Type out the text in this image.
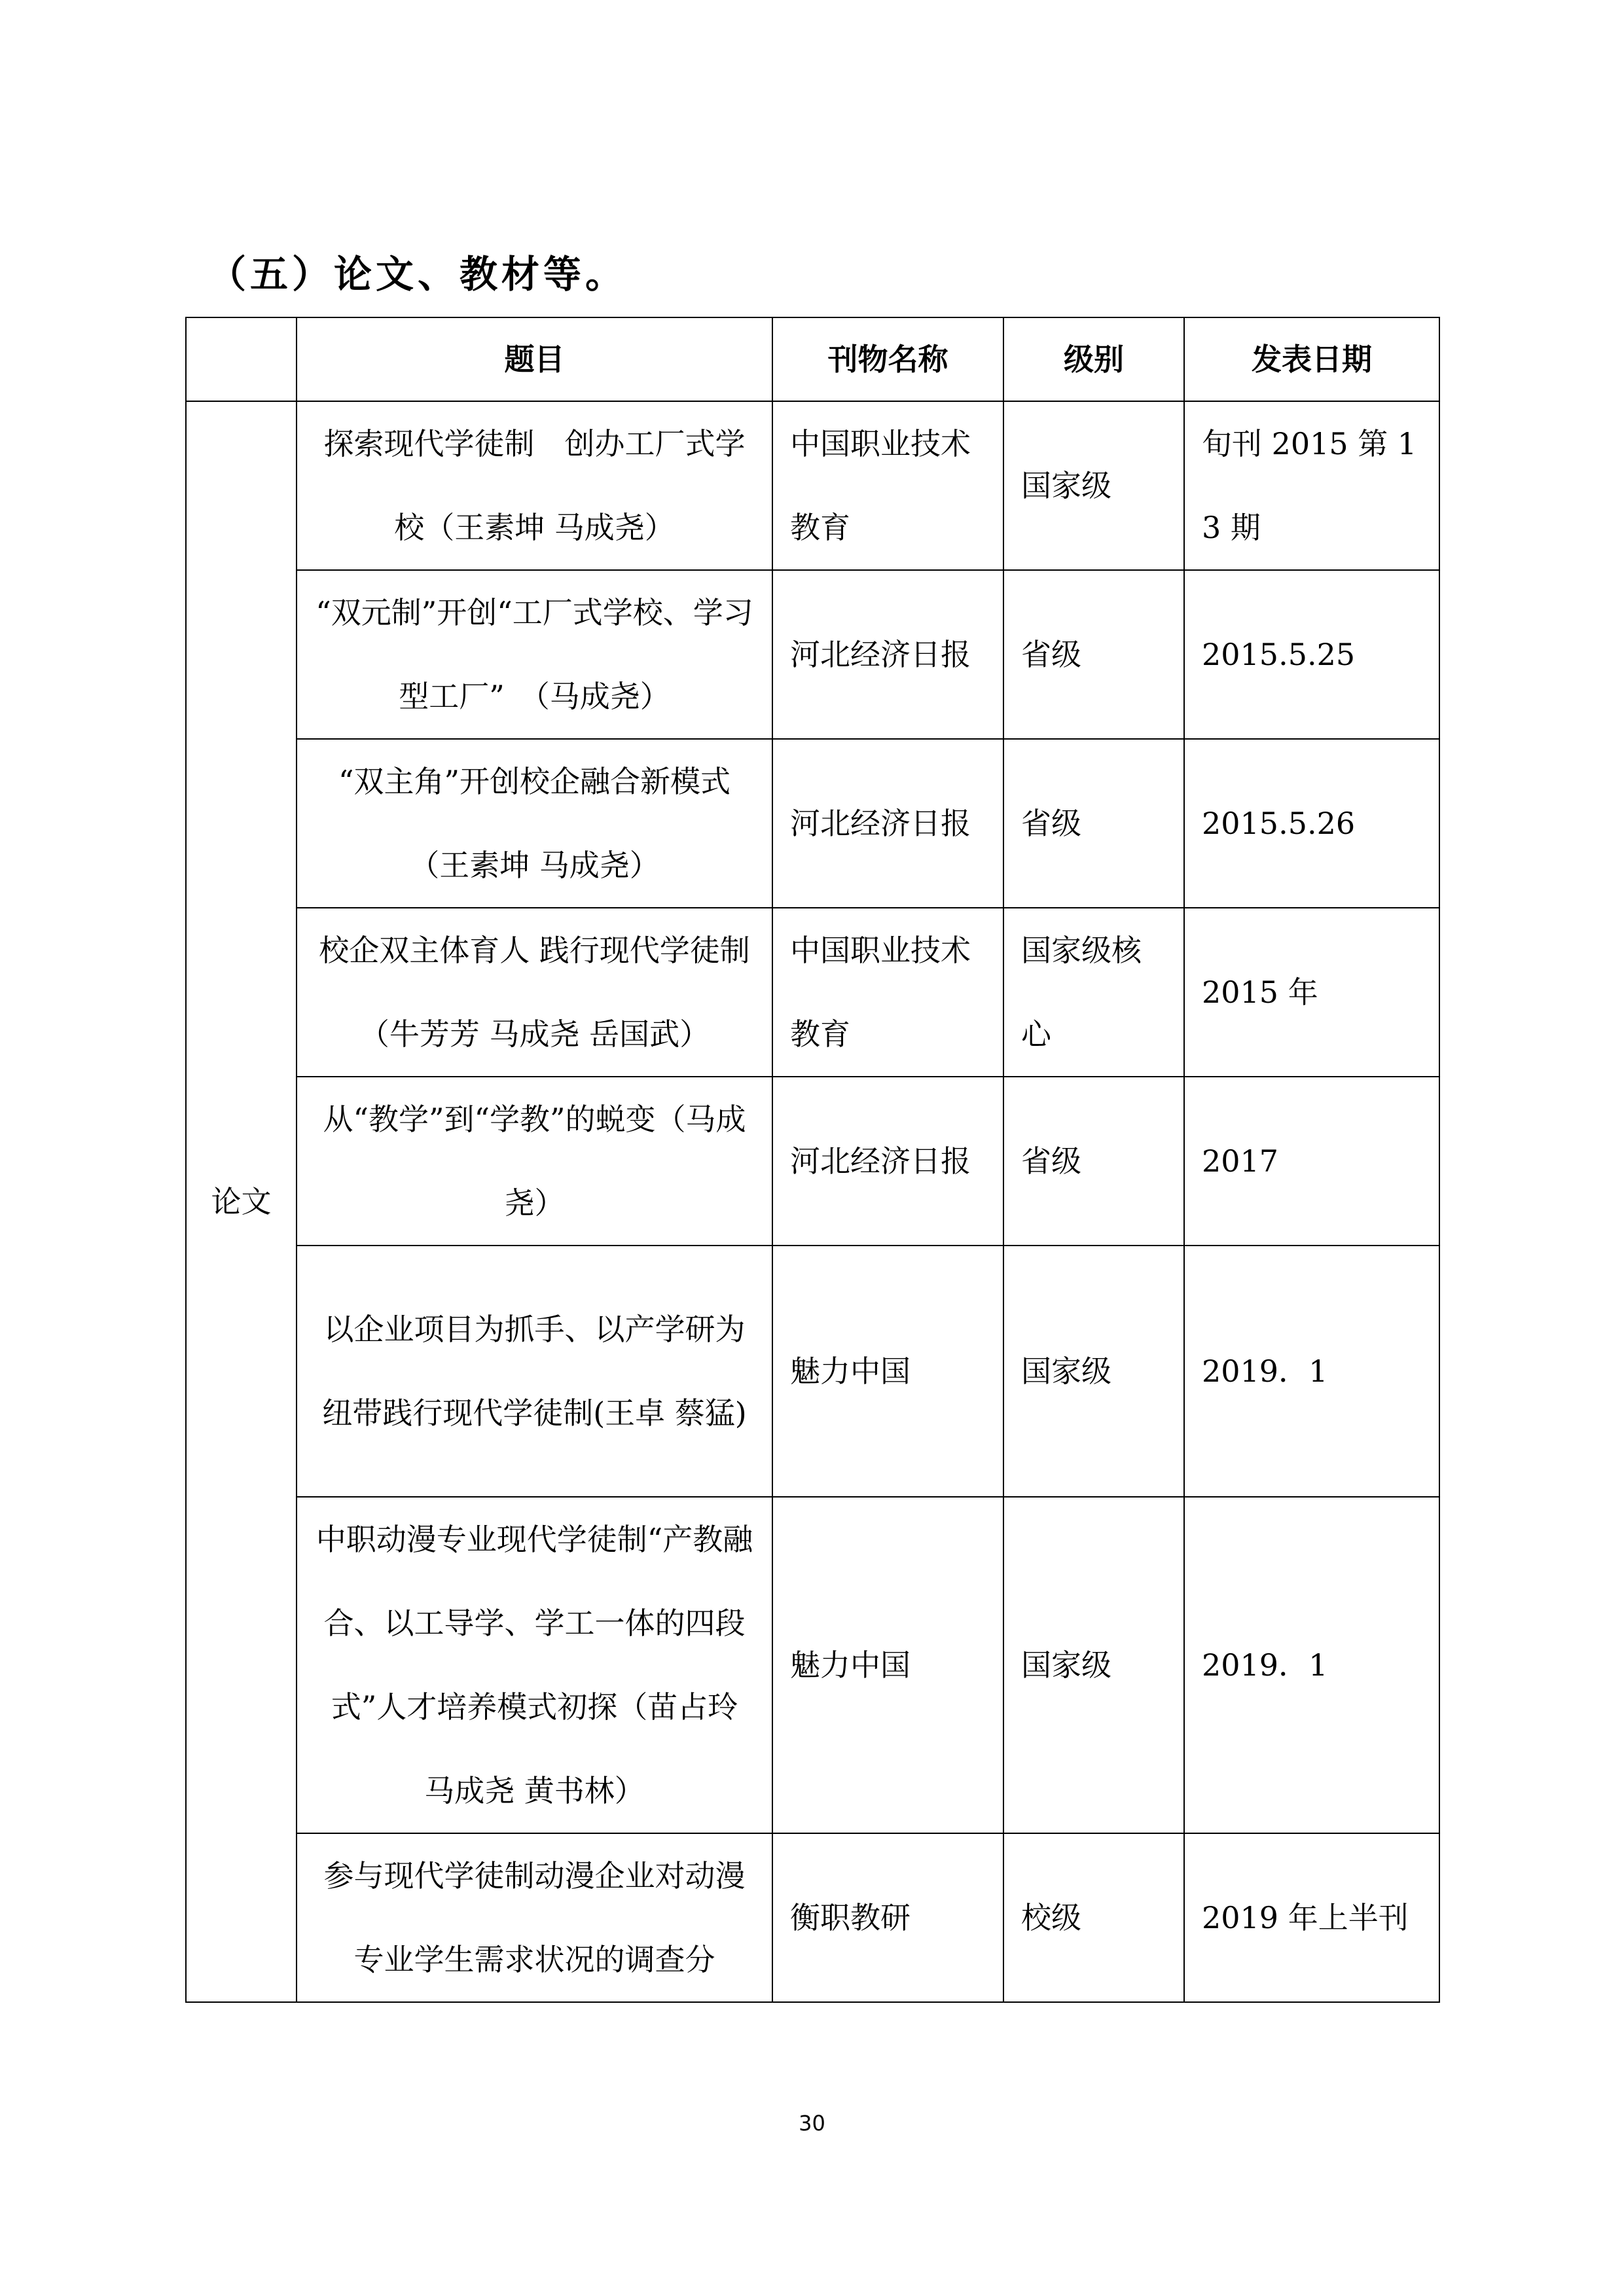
（五）论文、教材等。
	题目	刊物名称	级别	发表日期
论文	探索现代学徒制　创办工厂式学校（王素坤 马成尧）	中国职业技术教育	国家级	旬刊 2015 第 13 期
	“双元制”开创“工厂式学校、学习型工厂”　（马成尧）	河北经济日报	省级	2015.5.25
	“双主角”开创校企融合新模式（王素坤 马成尧）	河北经济日报	省级	2015.5.26
	校企双主体育人 践行现代学徒制（牛芳芳 马成尧 岳国武）	中国职业技术教育	国家级核心	2015 年
	从“教学”到“学教”的蜕变（马成尧）	河北经济日报	省级	2017
	以企业项目为抓手、以产学研为纽带践行现代学徒制(王卓 蔡猛)	魅力中国	国家级	2019．1
	中职动漫专业现代学徒制“产教融合、以工导学、学工一体的四段式”人才培养模式初探（苗占玲 马成尧 黄书林）	魅力中国	国家级	2019．1
	参与现代学徒制动漫企业对动漫专业学生需求状况的调查分	衡职教研	校级	2019 年上半刊
30
